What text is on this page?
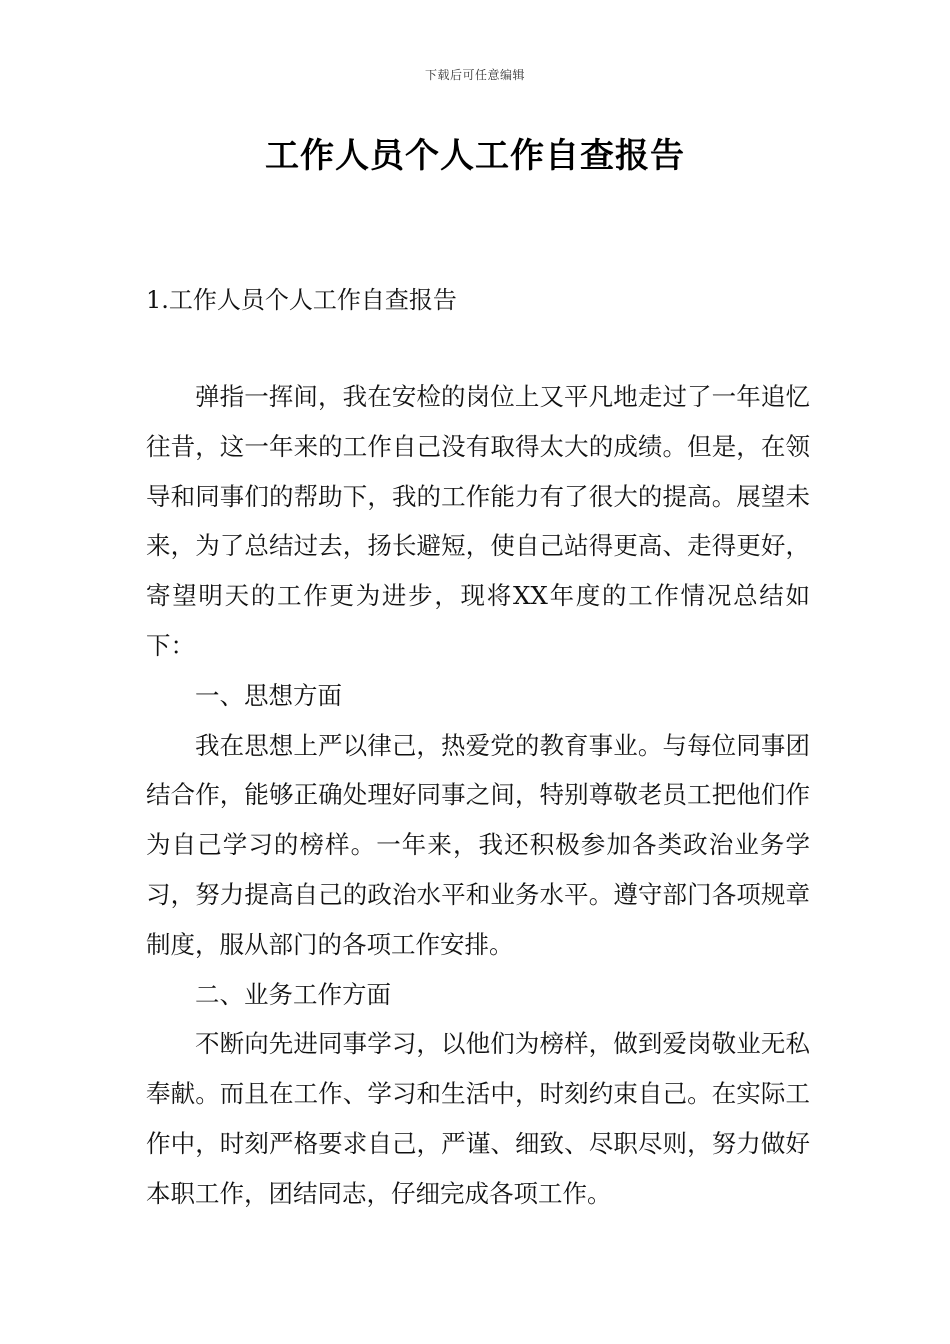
下载后可任意编辑
工作人员个人工作自查报告
1.工作人员个人工作自查报告

弹指一挥间，我在安检的岗位上又平凡地走过了一年追忆往昔，这一年来的工作自己没有取得太大的成绩。但是，在领导和同事们的帮助下，我的工作能力有了很大的提高。展望未来，为了总结过去，扬长避短，使自己站得更高、走得更好，寄望明天的工作更为进步，现将XX年度的工作情况总结如下：

一、思想方面

我在思想上严以律己，热爱党的教育事业。与每位同事团结合作，能够正确处理好同事之间，特别尊敬老员工把他们作为自己学习的榜样。一年来，我还积极参加各类政治业务学习，努力提高自己的政治水平和业务水平。遵守部门各项规章制度，服从部门的各项工作安排。

二、业务工作方面

不断向先进同事学习，以他们为榜样，做到爱岗敬业无私奉献。而且在工作、学习和生活中，时刻约束自己。在实际工作中，时刻严格要求自己，严谨、细致、尽职尽则，努力做好本职工作，团结同志，仔细完成各项工作。
